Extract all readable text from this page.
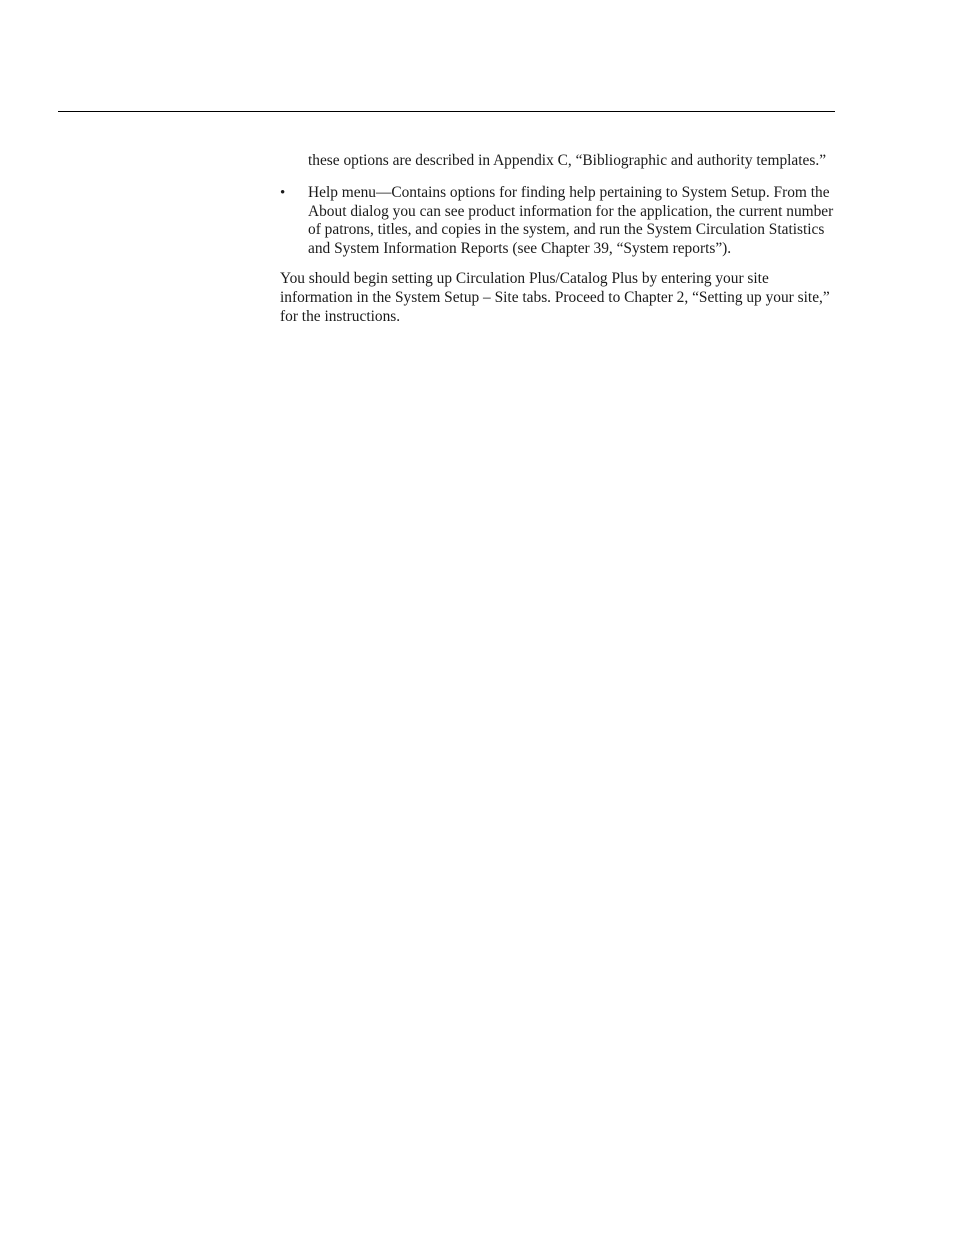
these options are described in Appendix C, “Bibliographic and authority templates.”

•	Help menu—Contains options for finding help pertaining to System Setup. From the About dialog you can see product information for the application, the current number of patrons, titles, and copies in the system, and run the System Circulation Statistics and System Information Reports (see Chapter 39, “System reports”).

You should begin setting up Circulation Plus/Catalog Plus by entering your site information in the System Setup – Site tabs. Proceed to Chapter 2, “Setting up your site,” for the instructions.
